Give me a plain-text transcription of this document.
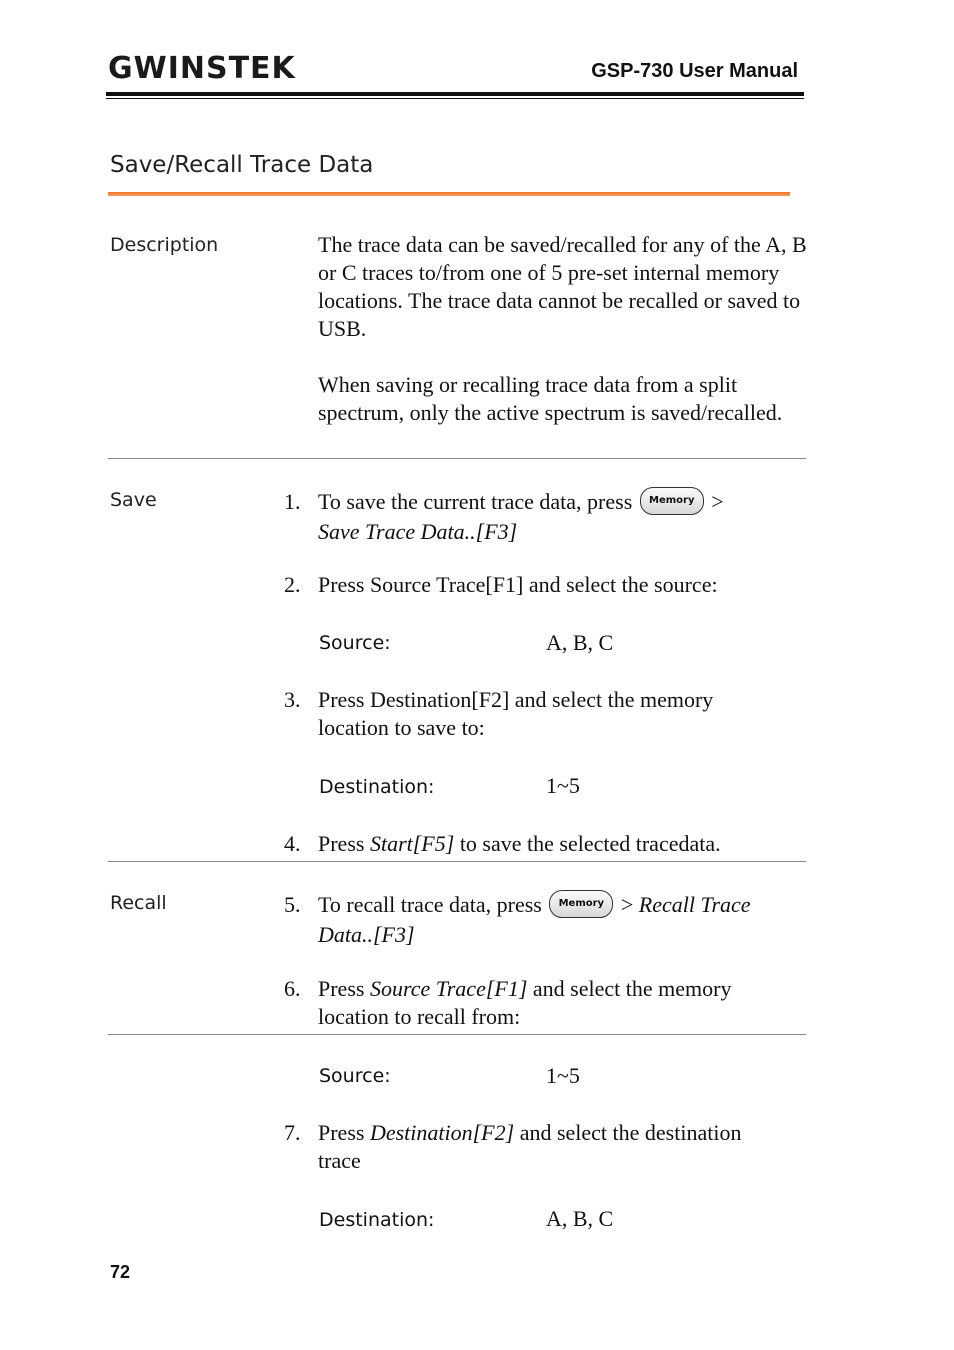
GWINSTEK	GSP-730 User Manual
Save/Recall Trace Data
Description	The trace data can be saved/recalled for any of the A, B or C traces to/from one of 5 pre-set internal memory locations. The trace data cannot be recalled or saved to USB.
When saving or recalling trace data from a split spectrum, only the active spectrum is saved/recalled.
Save	1. To save the current trace data, press Memory >
Save Trace Data..[F3]
2. Press Source Trace[F1] and select the source:
Source:	A, B, C
3. Press Destination[F2] and select the memory location to save to:
Destination:	1~5
4. Press Start[F5] to save the selected tracedata.
Recall	5. To recall trace data, press Memory > Recall Trace
Data..[F3]
6. Press Source Trace[F1] and select the memory
location to recall from:
Source:	1~5
7. Press Destination[F2] and select the destination
trace
Destination:	A, B, C
72
